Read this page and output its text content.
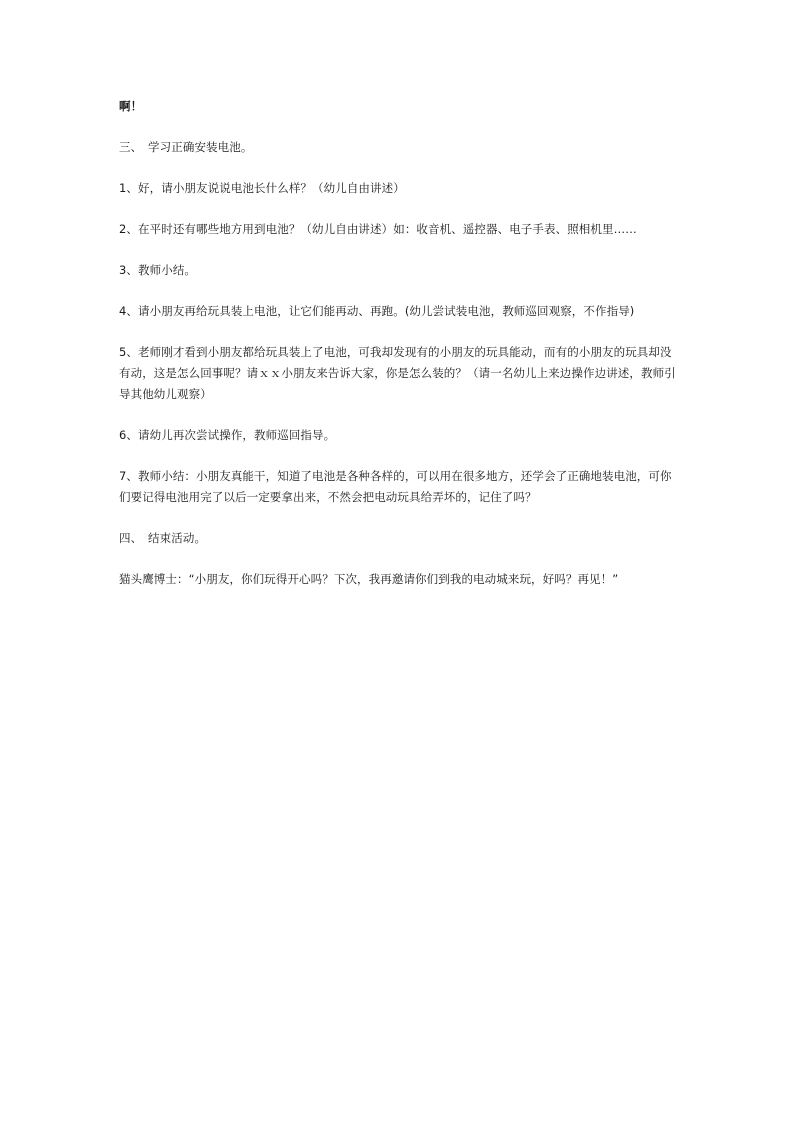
啊！

三、　学习正确安装电池。

1、好，请小朋友说说电池长什么样？（幼儿自由讲述）

2、在平时还有哪些地方用到电池？（幼儿自由讲述）如：收音机、遥控器、电子手表、照相机里……

3、教师小结。

4、请小朋友再给玩具装上电池，让它们能再动、再跑。(幼儿尝试装电池，教师巡回观察，不作指导)

5、老师刚才看到小朋友都给玩具装上了电池，可我却发现有的小朋友的玩具能动，而有的小朋友的玩具却没有动，这是怎么回事呢？请ｘｘ小朋友来告诉大家，你是怎么装的？（请一名幼儿上来边操作边讲述，教师引导其他幼儿观察）

6、请幼儿再次尝试操作，教师巡回指导。

7、教师小结：小朋友真能干，知道了电池是各种各样的，可以用在很多地方，还学会了正确地装电池，可你们要记得电池用完了以后一定要拿出来，不然会把电动玩具给弄坏的，记住了吗？

四、　结束活动。

猫头鹰博士：“小朋友，你们玩得开心吗？下次，我再邀请你们到我的电动城来玩，好吗？再见！”
